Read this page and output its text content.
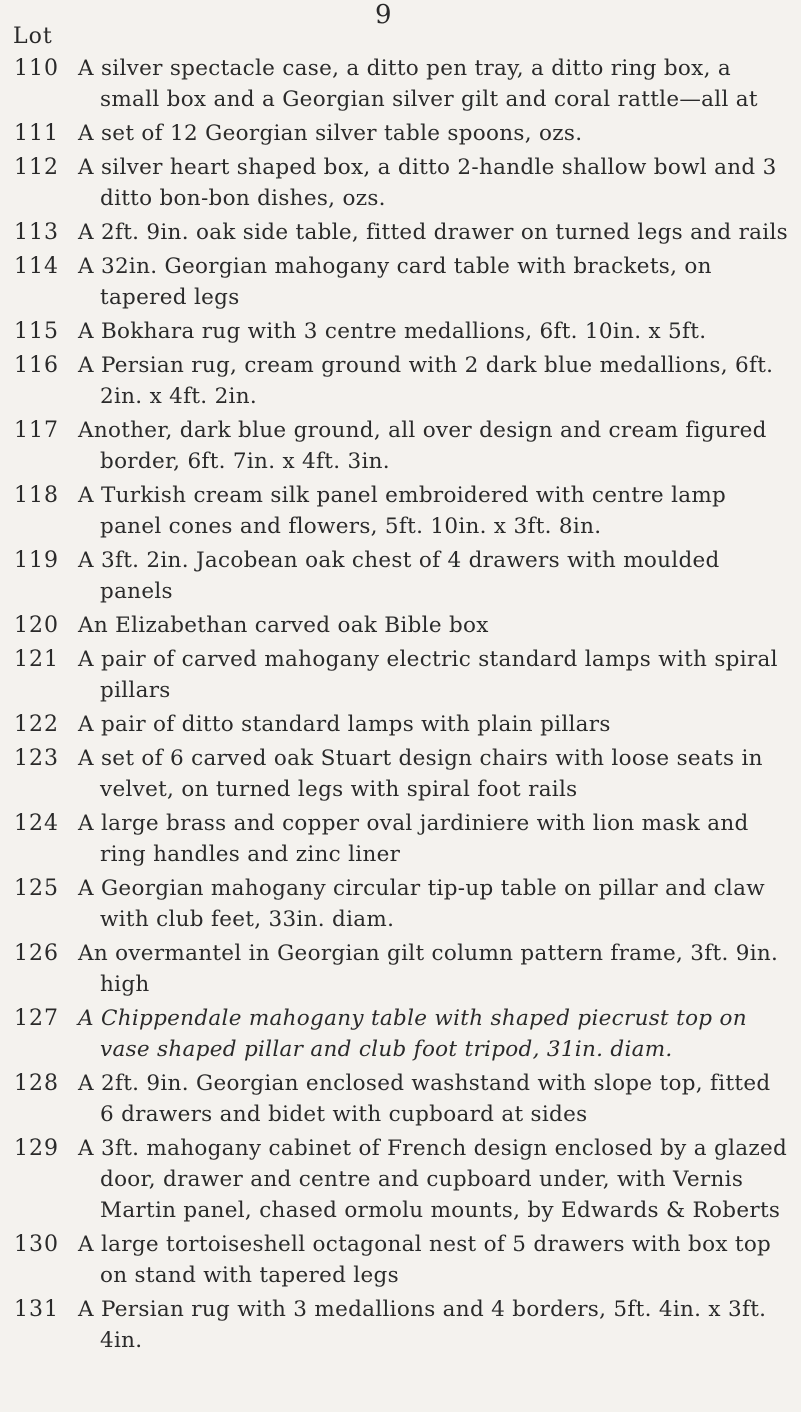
9
Lot
110 A silver spectacle case, a ditto pen tray, a ditto ring box, a small box and a Georgian silver gilt and coral rattle—all at
111 A set of 12 Georgian silver table spoons, ozs.
112 A silver heart shaped box, a ditto 2-handle shallow bowl and 3 ditto bon-bon dishes, ozs.
113 A 2ft. 9in. oak side table, fitted drawer on turned legs and rails
114 A 32in. Georgian mahogany card table with brackets, on tapered legs
115 A Bokhara rug with 3 centre medallions, 6ft. 10in. x 5ft.
116 A Persian rug, cream ground with 2 dark blue medallions, 6ft. 2in. x 4ft. 2in.
117 Another, dark blue ground, all over design and cream figured border, 6ft. 7in. x 4ft. 3in.
118 A Turkish cream silk panel embroidered with centre lamp panel cones and flowers, 5ft. 10in. x 3ft. 8in.
119 A 3ft. 2in. Jacobean oak chest of 4 drawers with moulded panels
120 An Elizabethan carved oak Bible box
121 A pair of carved mahogany electric standard lamps with spiral pillars
122 A pair of ditto standard lamps with plain pillars
123 A set of 6 carved oak Stuart design chairs with loose seats in velvet, on turned legs with spiral foot rails
124 A large brass and copper oval jardiniere with lion mask and ring handles and zinc liner
125 A Georgian mahogany circular tip-up table on pillar and claw with club feet, 33in. diam.
126 An overmantel in Georgian gilt column pattern frame, 3ft. 9in. high
127 A Chippendale mahogany table with shaped piecrust top on vase shaped pillar and club foot tripod, 31in. diam.
128 A 2ft. 9in. Georgian enclosed washstand with slope top, fitted 6 drawers and bidet with cupboard at sides
129 A 3ft. mahogany cabinet of French design enclosed by a glazed door, drawer and centre and cupboard under, with Vernis Martin panel, chased ormolu mounts, by Edwards & Roberts
130 A large tortoiseshell octagonal nest of 5 drawers with box top on stand with tapered legs
131 A Persian rug with 3 medallions and 4 borders, 5ft. 4in. x 3ft. 4in.
